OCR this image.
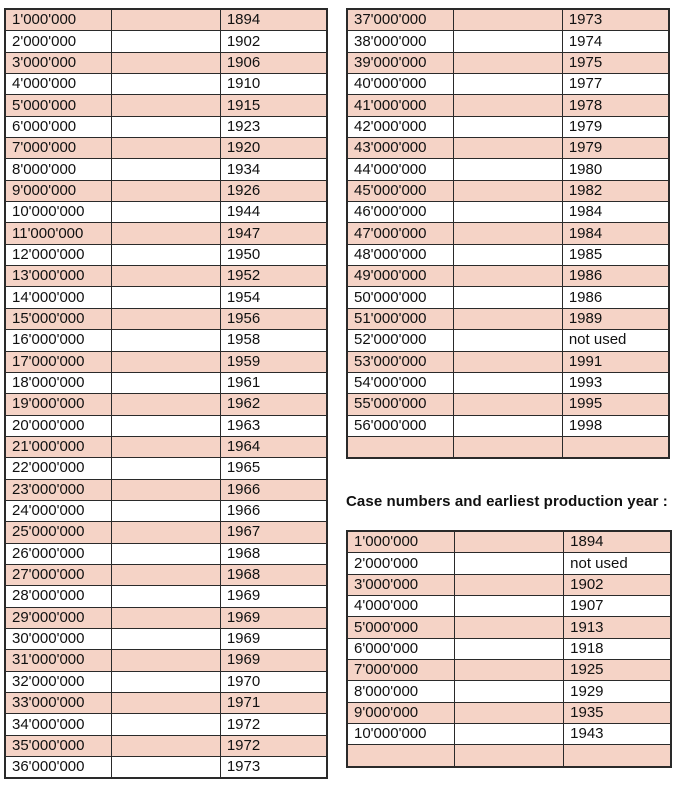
1'000'000		1894
2'000'000		1902
3'000'000		1906
4'000'000		1910
5'000'000		1915
6'000'000		1923
7'000'000		1920
8'000'000		1934
9'000'000		1926
10'000'000		1944
11'000'000		1947
12'000'000		1950
13'000'000		1952
14'000'000		1954
15'000'000		1956
16'000'000		1958
17'000'000		1959
18'000'000		1961
19'000'000		1962
20'000'000		1963
21'000'000		1964
22'000'000		1965
23'000'000		1966
24'000'000		1966
25'000'000		1967
26'000'000		1968
27'000'000		1968
28'000'000		1969
29'000'000		1969
30'000'000		1969
31'000'000		1969
32'000'000		1970
33'000'000		1971
34'000'000		1972
35'000'000		1972
36'000'000		1973
37'000'000		1973
38'000'000		1974
39'000'000		1975
40'000'000		1977
41'000'000		1978
42'000'000		1979
43'000'000		1979
44'000'000		1980
45'000'000		1982
46'000'000		1984
47'000'000		1984
48'000'000		1985
49'000'000		1986
50'000'000		1986
51'000'000		1989
52'000'000		not used
53'000'000		1991
54'000'000		1993
55'000'000		1995
56'000'000		1998

Case numbers and earliest production year :
1'000'000		1894
2'000'000		not used
3'000'000		1902
4'000'000		1907
5'000'000		1913
6'000'000		1918
7'000'000		1925
8'000'000		1929
9'000'000		1935
10'000'000		1943
